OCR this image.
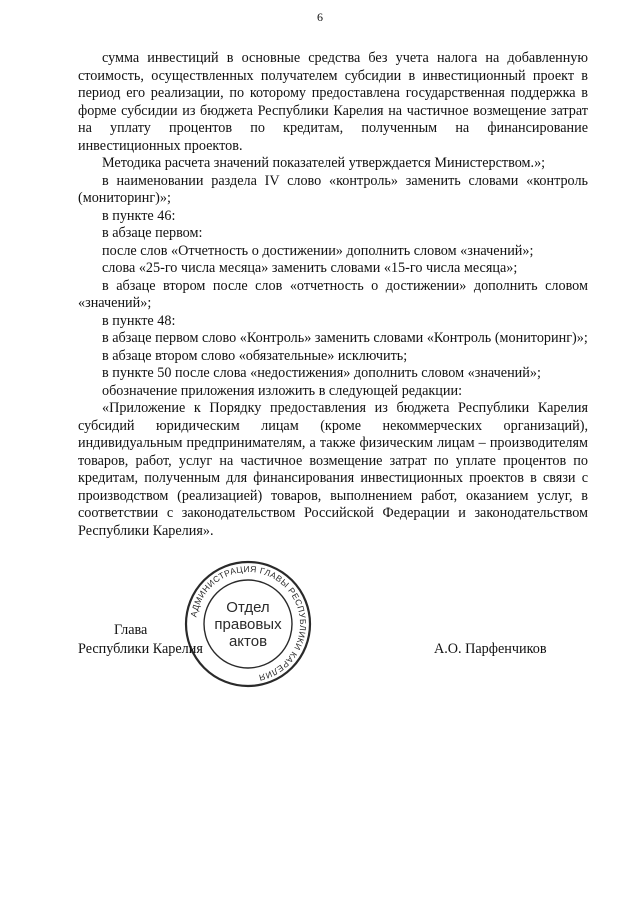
6

сумма инвестиций в основные средства без учета налога на добавленную стоимость, осуществленных получателем субсидии в инвестиционный проект в период его реализации, по которому предоставлена государственная поддержка в форме субсидии из бюджета Республики Карелия на частичное возмещение затрат на уплату процентов по кредитам, полученным на финансирование инвестиционных проектов.

Методика расчета значений показателей утверждается Министерством.»;

в наименовании раздела IV слово «контроль» заменить словами «контроль (мониторинг)»;

в пункте 46:

в абзаце первом:

после слов «Отчетность о достижении» дополнить словом «значений»;

слова «25-го числа месяца» заменить словами «15-го числа месяца»;

в абзаце втором после слов «отчетность о достижении» дополнить словом «значений»;

в пункте 48:

в абзаце первом слово «Контроль» заменить словами «Контроль (мониторинг)»;

в абзаце втором слово «обязательные» исключить;

в пункте 50 после слова «недостижения» дополнить словом «значений»;

обозначение приложения изложить в следующей редакции:

«Приложение к Порядку предоставления из бюджета Республики Карелия субсидий юридическим лицам (кроме некоммерческих организаций), индивидуальным предпринимателям, а также физическим лицам – производителям товаров, работ, услуг на частичное возмещение затрат по уплате процентов по кредитам, полученным для финансирования инвестиционных проектов в связи с производством (реализацией) товаров, выполнением работ, оказанием услуг, в соответствии с законодательством Российской Федерации и законодательством Республики Карелия».

АДМИНИСТРАЦИЯ ГЛАВЫ РЕСПУБЛИКИ КАРЕЛИЯ
Отдел
правовых
актов
Глава
Республики Карелия	А.О. Парфенчиков
